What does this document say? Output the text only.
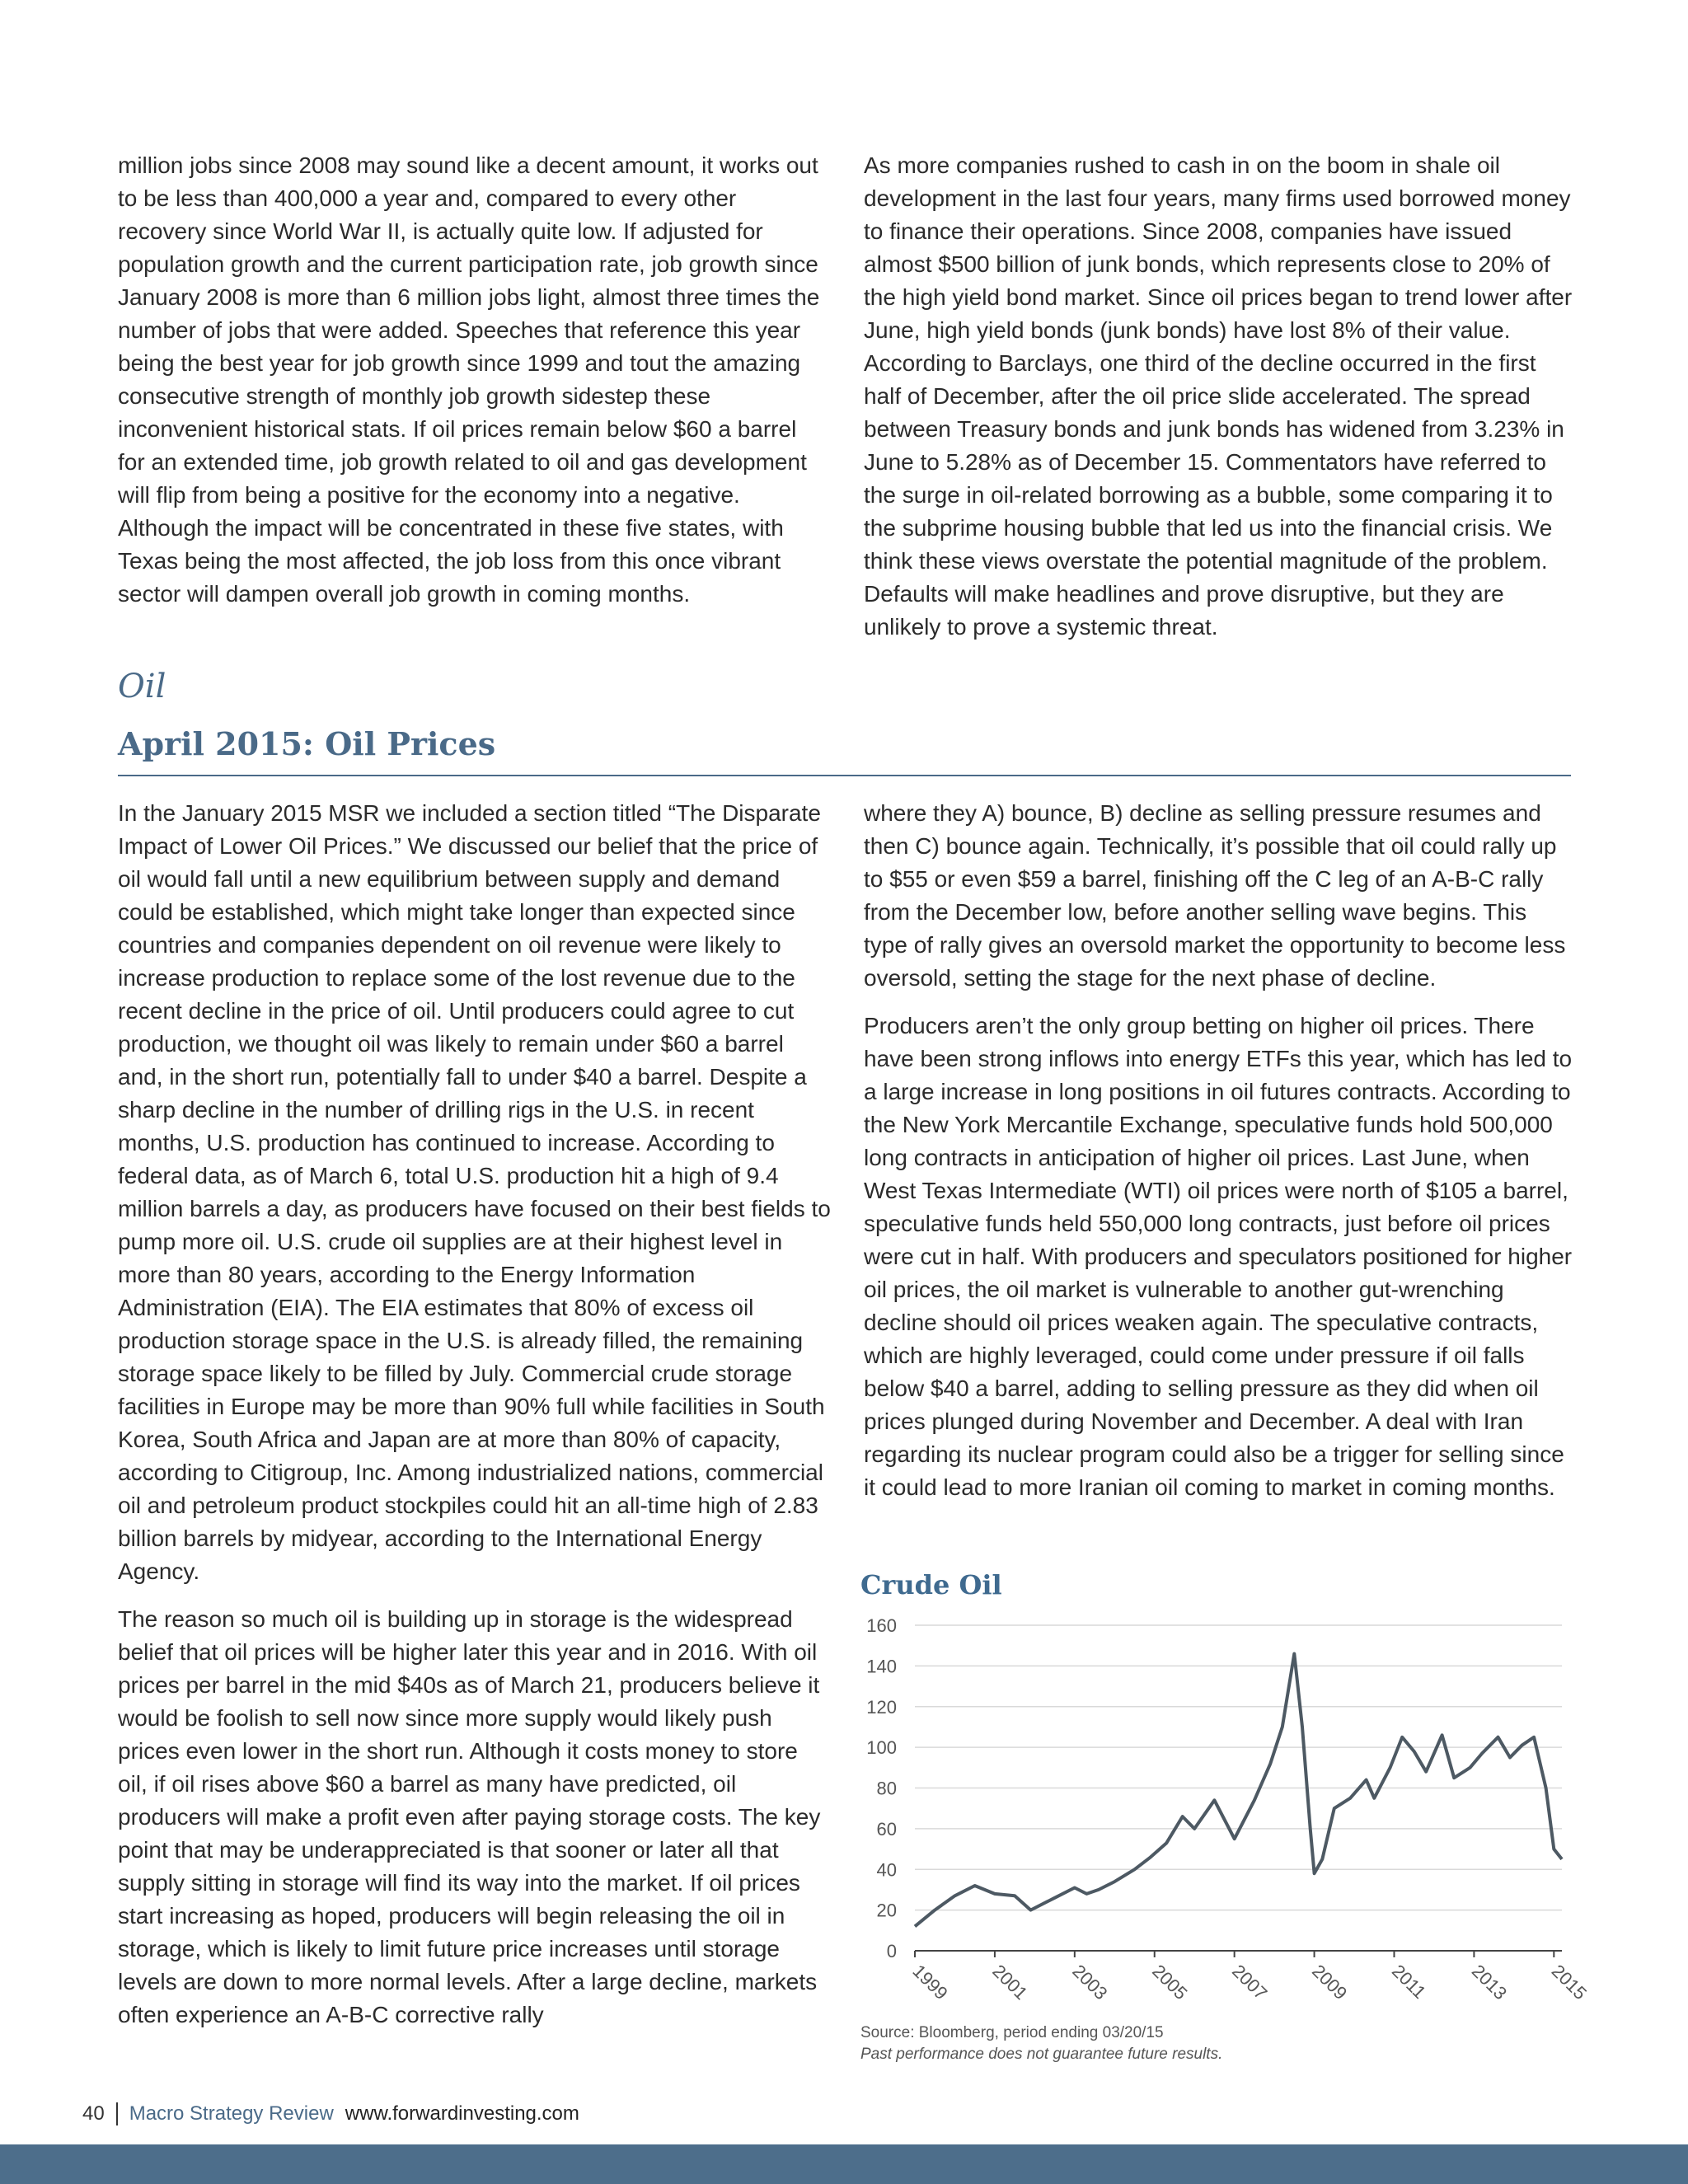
million jobs since 2008 may sound like a decent amount, it works out to be less than 400,000 a year and, compared to every other recovery since World War II, is actually quite low. If adjusted for population growth and the current participation rate, job growth since January 2008 is more than 6 million jobs light, almost three times the number of jobs that were added. Speeches that reference this year being the best year for job growth since 1999 and tout the amazing consecutive strength of monthly job growth sidestep these inconvenient historical stats. If oil prices remain below $60 a barrel for an extended time, job growth related to oil and gas development will flip from being a positive for the economy into a negative. Although the impact will be concentrated in these five states, with Texas being the most affected, the job loss from this once vibrant sector will dampen overall job growth in coming months.

As more companies rushed to cash in on the boom in shale oil development in the last four years, many firms used borrowed money to finance their operations. Since 2008, companies have issued almost $500 billion of junk bonds, which represents close to 20% of the high yield bond market. Since oil prices began to trend lower after June, high yield bonds (junk bonds) have lost 8% of their value. According to Barclays, one third of the decline occurred in the first half of December, after the oil price slide accelerated. The spread between Treasury bonds and junk bonds has widened from 3.23% in June to 5.28% as of December 15. Commentators have referred to the surge in oil-related borrowing as a bubble, some comparing it to the subprime housing bubble that led us into the financial crisis. We think these views overstate the potential magnitude of the problem. Defaults will make headlines and prove disruptive, but they are unlikely to prove a systemic threat.

Oil
April 2015: Oil Prices

In the January 2015 MSR we included a section titled “The Disparate Impact of Lower Oil Prices.” We discussed our belief that the price of oil would fall until a new equilibrium between supply and demand could be established, which might take longer than expected since countries and companies dependent on oil revenue were likely to increase production to replace some of the lost revenue due to the recent decline in the price of oil. Until producers could agree to cut production, we thought oil was likely to remain under $60 a barrel and, in the short run, potentially fall to under $40 a barrel. Despite a sharp decline in the number of drilling rigs in the U.S. in recent months, U.S. production has continued to increase. According to federal data, as of March 6, total U.S. production hit a high of 9.4 million barrels a day, as producers have focused on their best fields to pump more oil. U.S. crude oil supplies are at their highest level in more than 80 years, according to the Energy Information Administration (EIA). The EIA estimates that 80% of excess oil production storage space in the U.S. is already filled, the remaining storage space likely to be filled by July. Commercial crude storage facilities in Europe may be more than 90% full while facilities in South Korea, South Africa and Japan are at more than 80% of capacity, according to Citigroup, Inc. Among industrialized nations, commercial oil and petroleum product stockpiles could hit an all-time high of 2.83 billion barrels by midyear, according to the International Energy Agency.

The reason so much oil is building up in storage is the widespread belief that oil prices will be higher later this year and in 2016. With oil prices per barrel in the mid $40s as of March 21, producers believe it would be foolish to sell now since more supply would likely push prices even lower in the short run. Although it costs money to store oil, if oil rises above $60 a barrel as many have predicted, oil producers will make a profit even after paying storage costs. The key point that may be underappreciated is that sooner or later all that supply sitting in storage will find its way into the market. If oil prices start increasing as hoped, producers will begin releasing the oil in storage, which is likely to limit future price increases until storage levels are down to more normal levels. After a large decline, markets often experience an A-B-C corrective rally

where they A) bounce, B) decline as selling pressure resumes and then C) bounce again. Technically, it’s possible that oil could rally up to $55 or even $59 a barrel, finishing off the C leg of an A-B-C rally from the December low, before another selling wave begins. This type of rally gives an oversold market the opportunity to become less oversold, setting the stage for the next phase of decline.

Producers aren’t the only group betting on higher oil prices. There have been strong inflows into energy ETFs this year, which has led to a large increase in long positions in oil futures contracts. According to the New York Mercantile Exchange, speculative funds hold 500,000 long contracts in anticipation of higher oil prices. Last June, when West Texas Intermediate (WTI) oil prices were north of $105 a barrel, speculative funds held 550,000 long contracts, just before oil prices were cut in half. With producers and speculators positioned for higher oil prices, the oil market is vulnerable to another gut-wrenching decline should oil prices weaken again. The speculative contracts, which are highly leveraged, could come under pressure if oil falls below $40 a barrel, adding to selling pressure as they did when oil prices plunged during November and December. A deal with Iran regarding its nuclear program could also be a trigger for selling since it could lead to more Iranian oil coming to market in coming months.

Crude Oil
0
20
40
60
80
100
120
140
160
1999 2001 2003 2005 2007 2009 2011 2013 2015
Source: Bloomberg, period ending 03/20/15
Past performance does not guarantee future results.
40	Macro Strategy Review www.forwardinvesting.com
